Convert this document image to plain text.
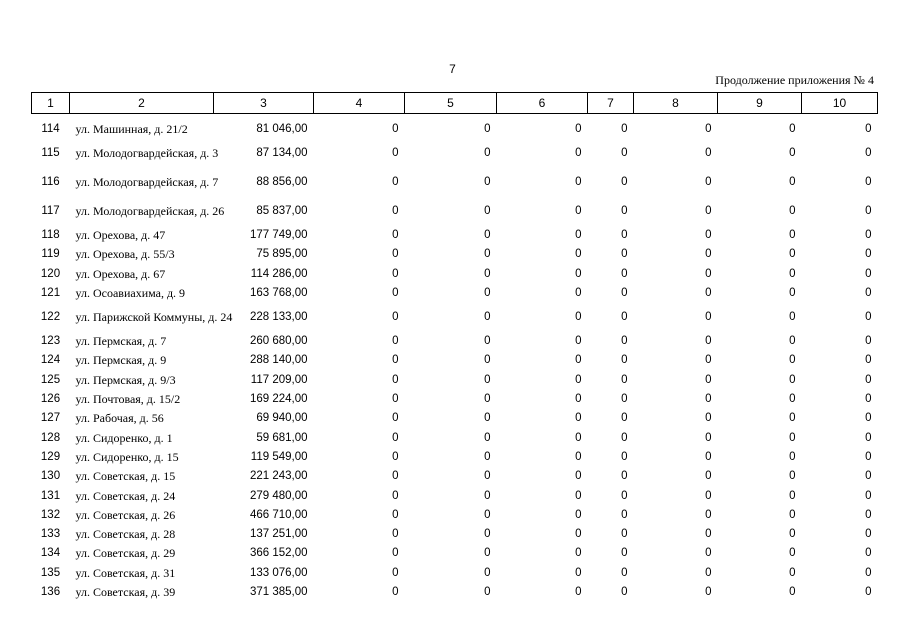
7
Продолжение приложения № 4
1	2	3	4	5	6	7	8	9	10

114	ул. Машинная, д. 21/2	81 046,00	0	0	0	0	0	0	0
115	ул. Молодогвардейская, д. 3	87 134,00	0	0	0	0	0	0	0
116	ул. Молодогвардейская, д. 7	88 856,00	0	0	0	0	0	0	0
117	ул. Молодогвардейская, д. 26	85 837,00	0	0	0	0	0	0	0
118	ул. Орехова, д. 47	177 749,00	0	0	0	0	0	0	0
119	ул. Орехова, д. 55/3	75 895,00	0	0	0	0	0	0	0
120	ул. Орехова, д. 67	114 286,00	0	0	0	0	0	0	0
121	ул. Осоавиахима, д. 9	163 768,00	0	0	0	0	0	0	0
122	ул. Парижской Коммуны, д. 24	228 133,00	0	0	0	0	0	0	0
123	ул. Пермская, д. 7	260 680,00	0	0	0	0	0	0	0
124	ул. Пермская, д. 9	288 140,00	0	0	0	0	0	0	0
125	ул. Пермская, д. 9/3	117 209,00	0	0	0	0	0	0	0
126	ул. Почтовая, д. 15/2	169 224,00	0	0	0	0	0	0	0
127	ул. Рабочая, д. 56	69 940,00	0	0	0	0	0	0	0
128	ул. Сидоренко, д. 1	59 681,00	0	0	0	0	0	0	0
129	ул. Сидоренко, д. 15	119 549,00	0	0	0	0	0	0	0
130	ул. Советская, д. 15	221 243,00	0	0	0	0	0	0	0
131	ул. Советская, д. 24	279 480,00	0	0	0	0	0	0	0
132	ул. Советская, д. 26	466 710,00	0	0	0	0	0	0	0
133	ул. Советская, д. 28	137 251,00	0	0	0	0	0	0	0
134	ул. Советская, д. 29	366 152,00	0	0	0	0	0	0	0
135	ул. Советская, д. 31	133 076,00	0	0	0	0	0	0	0
136	ул. Советская, д. 39	371 385,00	0	0	0	0	0	0	0
